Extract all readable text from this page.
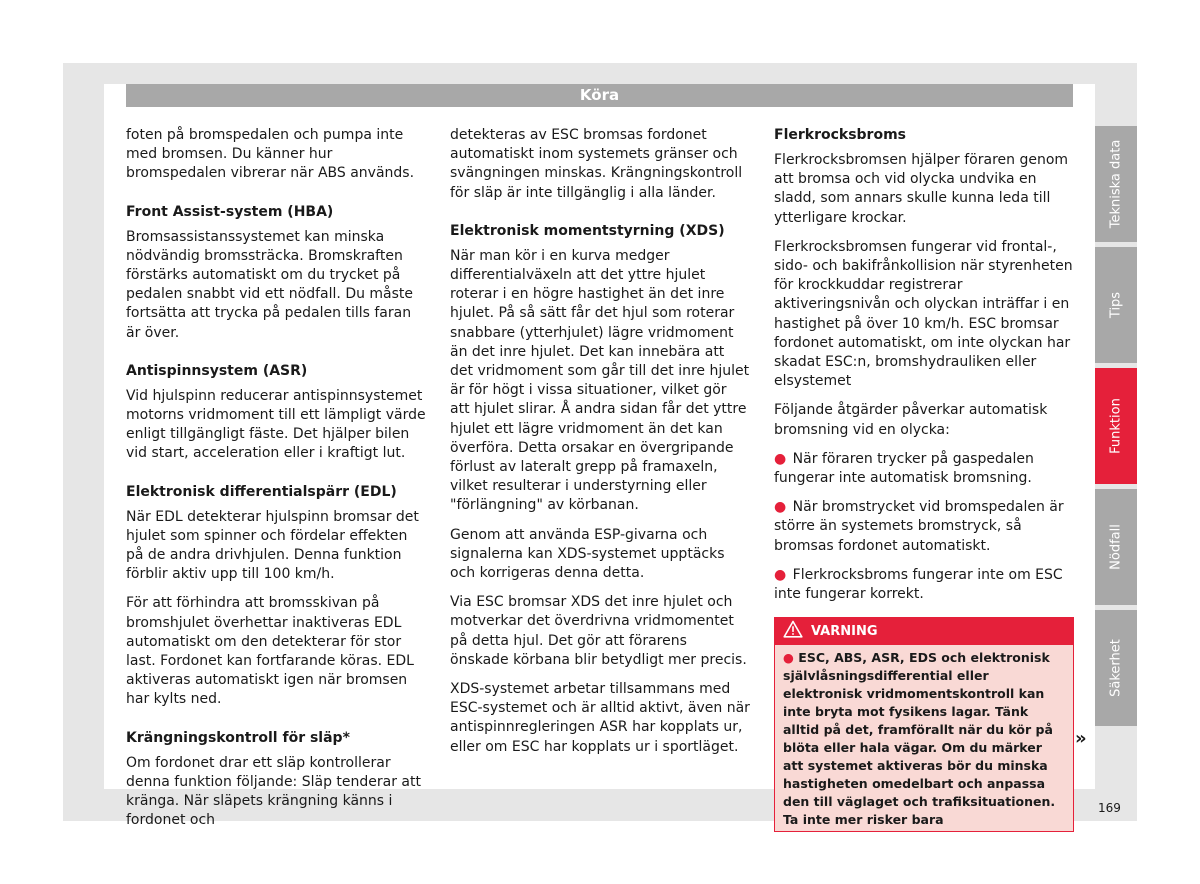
Köra

foten på bromspedalen och pumpa inte med bromsen. Du känner hur bromspedalen vibrerar när ABS används.

Front Assist-system (HBA)

Bromsassistanssystemet kan minska nödvändig bromssträcka. Bromskraften förstärks automatiskt om du trycket på pedalen snabbt vid ett nödfall. Du måste fortsätta att trycka på pedalen tills faran är över.

Antispinnsystem (ASR)

Vid hjulspinn reducerar antispinnsystemet motorns vridmoment till ett lämpligt värde enligt tillgängligt fäste. Det hjälper bilen vid start, acceleration eller i kraftigt lut.

Elektronisk differentialspärr (EDL)

När EDL detekterar hjulspinn bromsar det hjulet som spinner och fördelar effekten på de andra drivhjulen. Denna funktion förblir aktiv upp till 100 km/h.

För att förhindra att bromsskivan på bromshjulet överhettar inaktiveras EDL automatiskt om den detekterar för stor last. Fordonet kan fortfarande köras. EDL aktiveras automatiskt igen när bromsen har kylts ned.

Krängningskontroll för släp*

Om fordonet drar ett släp kontrollerar denna funktion följande: Släp tenderar att kränga. När släpets krängning känns i fordonet och

detekteras av ESC bromsas fordonet automatiskt inom systemets gränser och svängningen minskas. Krängningskontroll för släp är inte tillgänglig i alla länder.

Elektronisk momentstyrning (XDS)

När man kör i en kurva medger differentialväxeln att det yttre hjulet roterar i en högre hastighet än det inre hjulet. På så sätt får det hjul som roterar snabbare (ytterhjulet) lägre vridmoment än det inre hjulet. Det kan innebära att det vridmoment som går till det inre hjulet är för högt i vissa situationer, vilket gör att hjulet slirar. Å andra sidan får det yttre hjulet ett lägre vridmoment än det kan överföra. Detta orsakar en övergripande förlust av lateralt grepp på framaxeln, vilket resulterar i understyrning eller "förlängning" av körbanan.

Genom att använda ESP-givarna och signalerna kan XDS-systemet upptäcks och korrigeras denna detta.

Via ESC bromsar XDS det inre hjulet och motverkar det överdrivna vridmomentet på detta hjul. Det gör att förarens önskade körbana blir betydligt mer precis.

XDS-systemet arbetar tillsammans med ESC-systemet och är alltid aktivt, även när antispinnregleringen ASR har kopplats ur, eller om ESC har kopplats ur i sportläget.

Flerkrocksbroms

Flerkrocksbromsen hjälper föraren genom att bromsa och vid olycka undvika en sladd, som annars skulle kunna leda till ytterligare krockar.

Flerkrocksbromsen fungerar vid frontal-, sido- och bakifrånkollision när styrenheten för krockkuddar registrerar aktiveringsnivån och olyckan inträffar i en hastighet på över 10 km/h. ESC bromsar fordonet automatiskt, om inte olyckan har skadat ESC:n, bromshydrauliken eller elsystemet

Följande åtgärder påverkar automatisk bromsning vid en olycka:

● När föraren trycker på gaspedalen fungerar inte automatisk bromsning.

● När bromstrycket vid bromspedalen är större än systemets bromstryck, så bromsas fordonet automatiskt.

● Flerkrocksbroms fungerar inte om ESC inte fungerar korrekt.

VARNING
● ESC, ABS, ASR, EDS och elektronisk självlåsningsdifferential eller elektronisk vridmomentskontroll kan inte bryta mot fysikens lagar. Tänk alltid på det, framförallt när du kör på blöta eller hala vägar. Om du märker att systemet aktiveras bör du minska hastigheten omedelbart och anpassa den till väglaget och trafiksituationen. Ta inte mer risker bara
»
Tekniska data
Tips
Funktion
Nödfall
Säkerhet
169
